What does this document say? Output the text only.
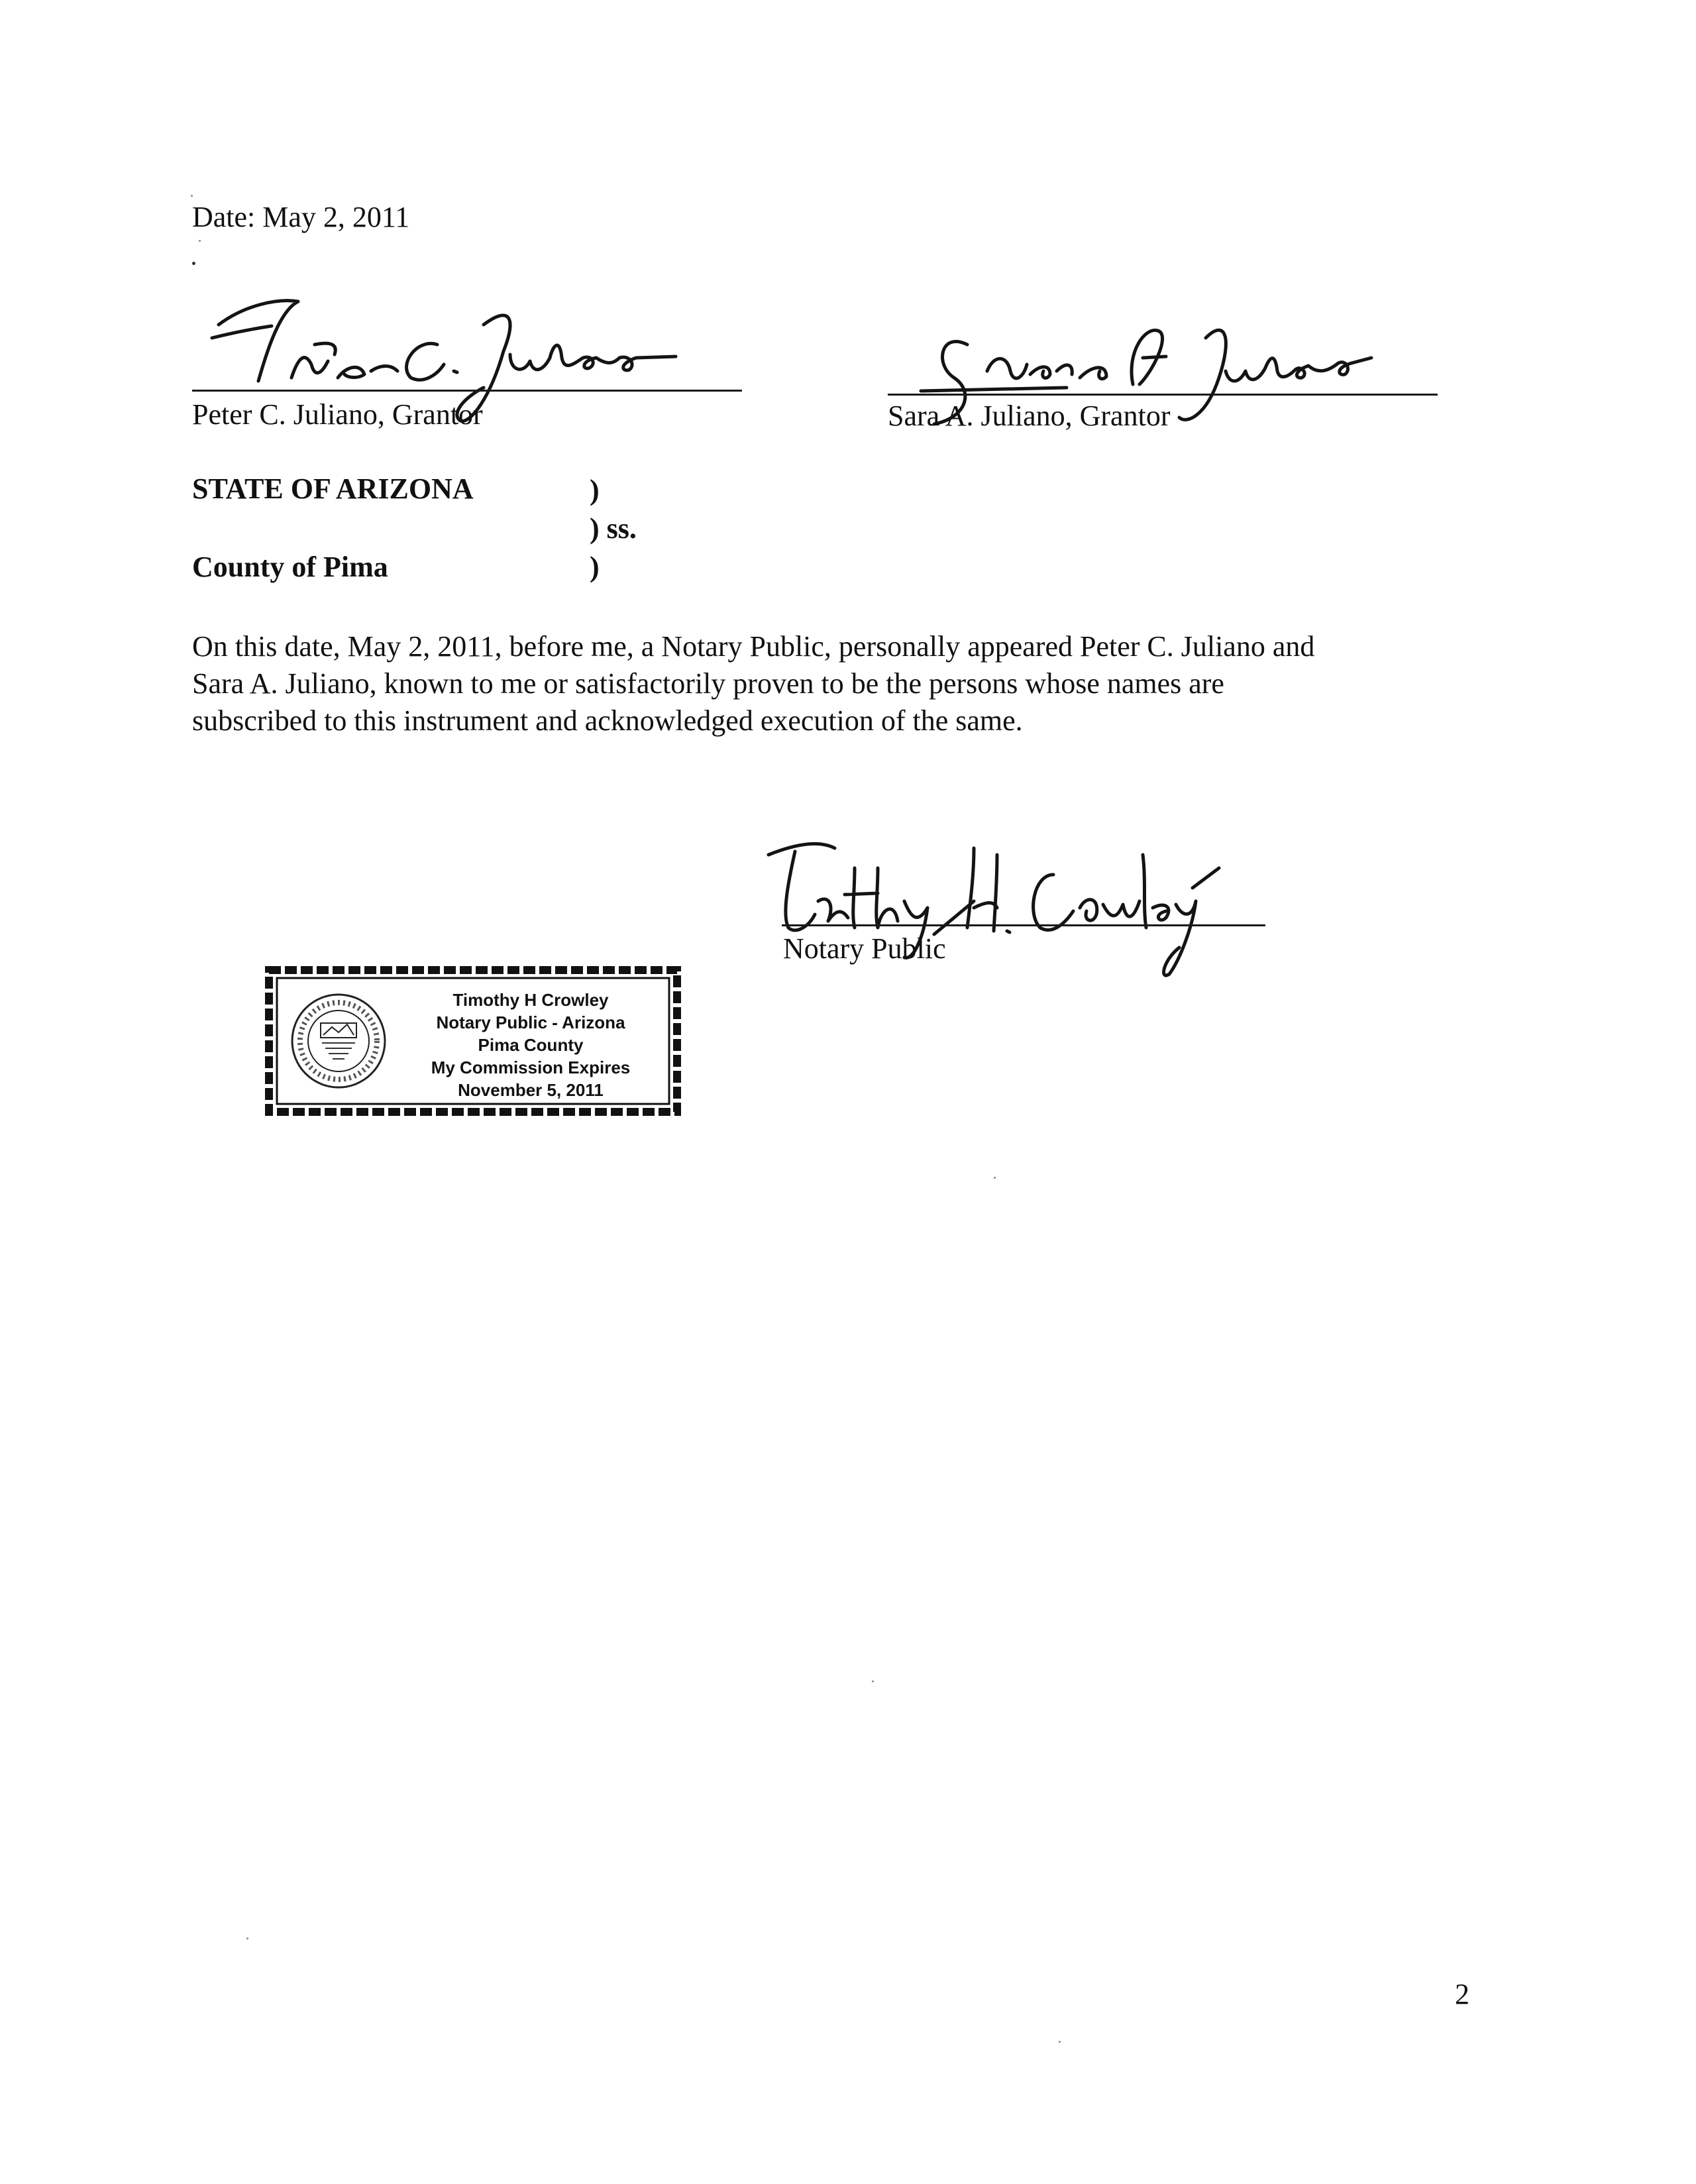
Date: May 2, 2011
Peter C. Juliano, Grantor	Sara A. Juliano, Grantor
STATE OF ARIZONA	)
) ss.
County of Pima	)
On this date, May 2, 2011, before me, a Notary Public, personally appeared Peter C. Juliano and
Sara A. Juliano, known to me or satisfactorily proven to be the persons whose names are
subscribed to this instrument and acknowledged execution of the same.
Notary Public
Timothy H Crowley
Notary Public - Arizona
Pima County
My Commission Expires
November 5, 2011
2
